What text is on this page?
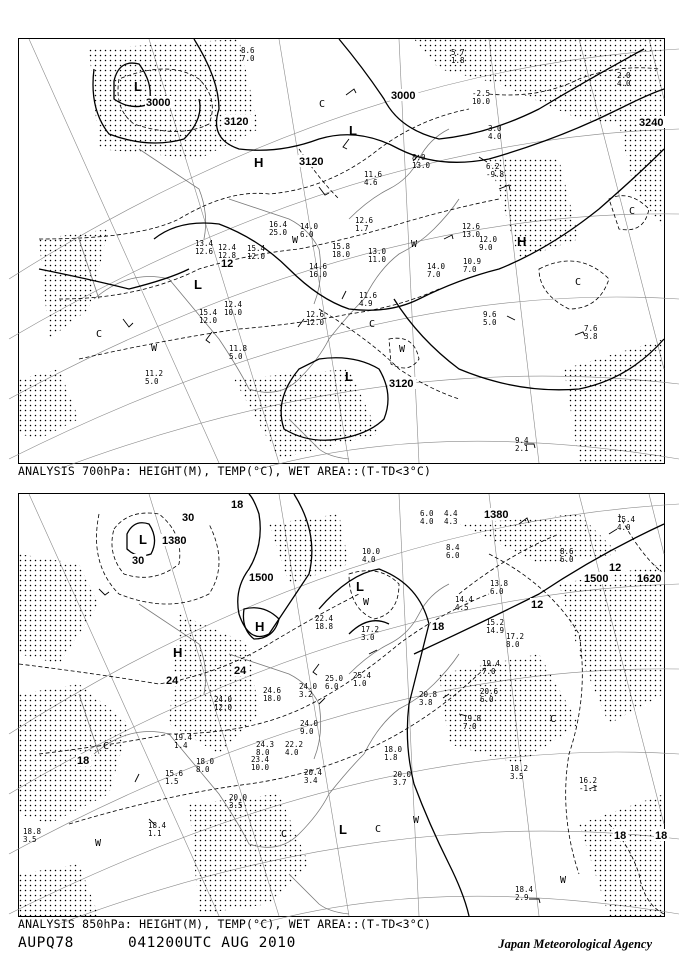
3000
3000
3120
3120
3240
3120
12
L
H
H
L
L
L
C
C
C
C
C
W
W	W
W
5.7
1.8
-2.5
10.0
3.0
4.0
6.2
-9.8
8.0
13.0
11.6
4.6
12.6
1.7
16.4
25.0
14.0
6.0
15.4
12.0
13.4
12.6 12.4
12.8
15.8
18.0 13.0
11.0
14.6
16.0
14.0
7.0
12.6
13.0
12.0
9.0
10.9
7.0
11.6
4.9
12.6
12.0
12.4
10.0
15.4
12.0
11.8
5.0
11.2
5.0
9.6
5.0
7.6
3.8
9.4
2.1
2.0
4.0
8.6
7.0
ANALYSIS 700hPa: HEIGHT(M), TEMP(°C), WET AREA::(T-TD<3°C)
1380
1380
1500	1500	1620
30
30
24
24
18
18
18	18
12
12
18
L
H
H
L
L
W
C
C	C
C
W
W
W
4.4
4.3
6.0
4.0
10.0
4.0
8.4
6.0
13.8
6.0
14.4
4.5
15.2
14.9
17.2
8.0
19.4
7.0
20.6
6.0
20.8
3.8
19.8
7.0
18.0
1.8
20.0
3.7
17.2
3.0
25.0
6.0
24.0
3.2
25.4
1.0
24.6
18.0
24.0
12.0
24.0
9.0
24.3
8.0
22.2
4.0
20.4
3.4
23.4
10.0
19.4
1.4
15.6
1.5
18.0
8.0
20.0
3.5
18.4
1.1
18.8
3.5
18.2
3.5	16.2
-1.1
18.4
2.9
15.4
4.0
8.6
6.0
22.4
18.8
ANALYSIS 850hPa: HEIGHT(M), TEMP(°C), WET AREA::(T-TD<3°C)
AUPQ78	041200UTC AUG 2010	Japan Meteorological Agency
